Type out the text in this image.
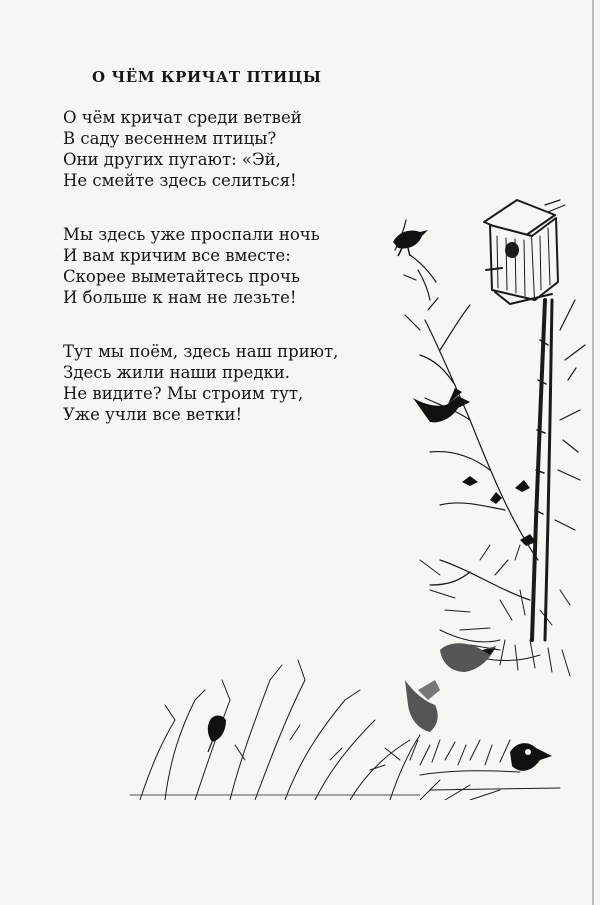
О ЧЁМ КРИЧАТ ПТИЦЫ

О чём кричат среди ветвей
В саду весеннем птицы?
Они других пугают: «Эй,
Не смейте здесь селиться!

Мы здесь уже проспали ночь
И вам кричим все вместе:
Скорее выметайтесь прочь
И больше к нам не лезьте!

Тут мы поём, здесь наш приют,
Здесь жили наши предки.
Не видите? Мы строим тут,
Уже учли все ветки!
